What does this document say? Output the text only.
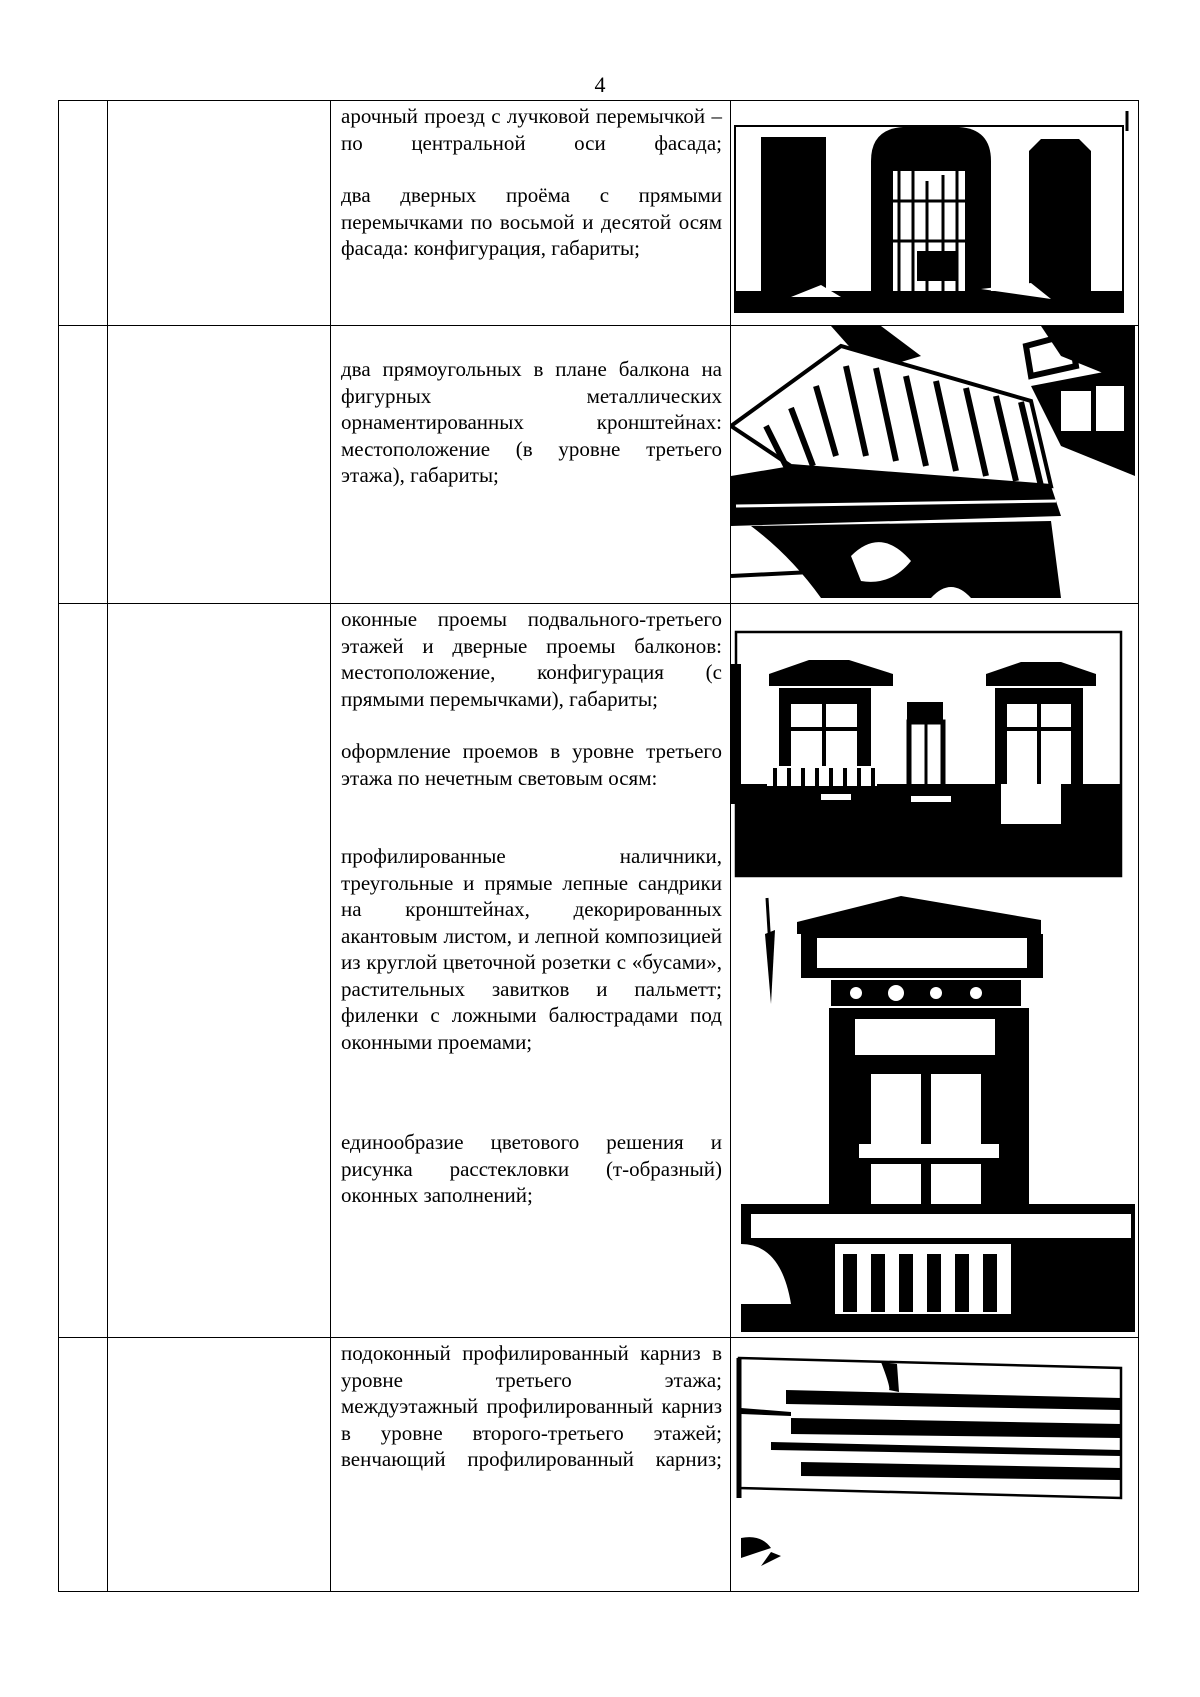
4

		арочный проезд с лучковой перемычкой – по центральной оси фасада;

два дверных проёма с прямыми перемычками по восьмой и десятой осям фасада: конфигурация, габариты;

		два прямоугольных в плане балкона на фигурных металлических орнаментированных кронштейнах: местоположение (в уровне третьего этажа), габариты;

		оконные проемы подвального-третьего этажей и дверные проемы балконов: местоположение, конфигурация (с прямыми перемычками), габариты;

оформление проемов в уровне третьего этажа по нечетным световым осям:

профилированные наличники, треугольные и прямые лепные сандрики на кронштейнах, декорированных акантовым листом, и лепной композицией из круглой цветочной розетки с «бусами», растительных завитков и пальметт; филенки с ложными балюстрадами под оконными проемами;

единообразие цветового решения и рисунка расстекловки (т-образный) оконных заполнений;

		подоконный профилированный карниз в уровне третьего этажа;

междуэтажный профилированный карниз в уровне второго-третьего этажей;

венчающий профилированный карниз;
